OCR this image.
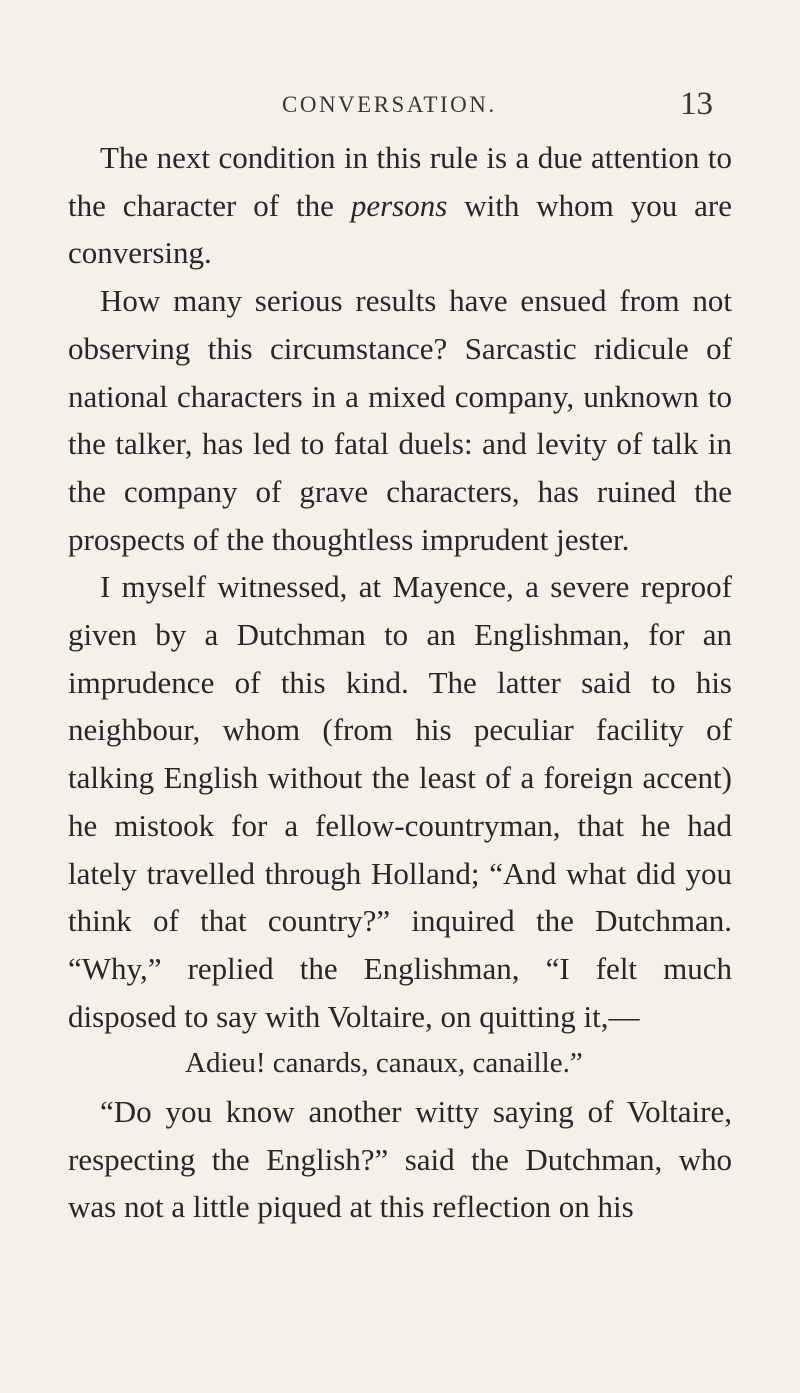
CONVERSATION.	13

The next condition in this rule is a due attention to the character of the persons with whom you are conversing.

How many serious results have ensued from not observing this circumstance? Sarcastic ridicule of national characters in a mixed company, unknown to the talker, has led to fatal duels: and levity of talk in the company of grave characters, has ruined the prospects of the thoughtless imprudent jester.

I myself witnessed, at Mayence, a severe reproof given by a Dutchman to an Englishman, for an imprudence of this kind. The latter said to his neighbour, whom (from his peculiar facility of talking English without the least of a foreign accent) he mistook for a fellow-countryman, that he had lately travelled through Holland; “And what did you think of that country?” inquired the Dutchman. “Why,” replied the Englishman, “I felt much disposed to say with Voltaire, on quitting it,—

Adieu! canards, canaux, canaille.”

“Do you know another witty saying of Voltaire, respecting the English?” said the Dutchman, who was not a little piqued at this reflection on his
